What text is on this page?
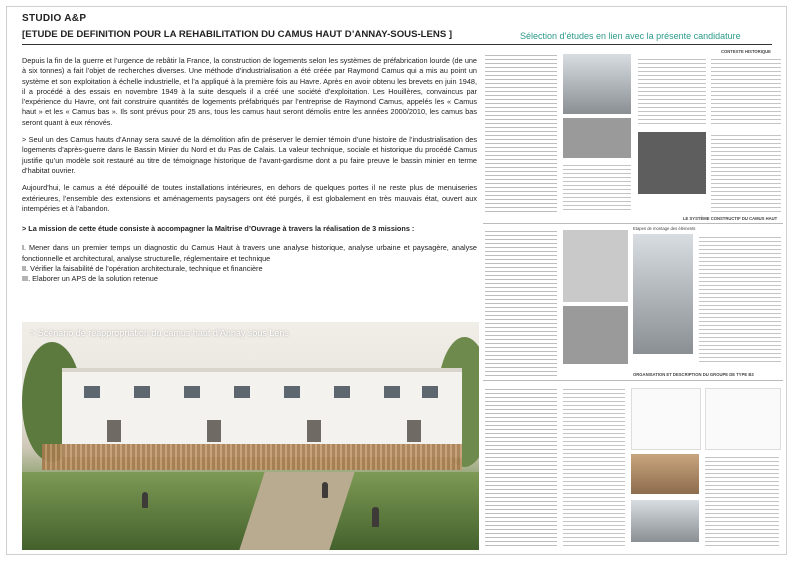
STUDIO A&P
[ETUDE DE DEFINITION POUR LA REHABILITATION DU CAMUS HAUT D’ANNAY-SOUS-LENS ]	Sélection d’études en lien avec la présente candidature

Depuis la fin de la guerre et l’urgence de rebâtir la France, la construction de logements selon les systèmes de préfabrication lourde (de une à six tonnes) a fait l’objet de recherches diverses. Une méthode d’industrialisation a été créée par Raymond Camus qui a mis au point un système et son exploitation à échelle industrielle, et l’a appliqué à la première fois au Havre. Après en avoir obtenu les brevets en juin 1948, il a procédé à des essais en novembre 1949 à la suite desquels il a créé une société d’exploitation. Les Houillères, convaincus par l’expérience du Havre, ont fait construire quantités de logements préfabriqués par l’entreprise de Raymond Camus, appelés les « Camus haut » et les « Camus bas ». Ils sont prévus pour 25 ans, tous les camus haut seront démolis entre les années 2000/2010, les camus bas seront quant à eux rénovés.

> Seul un des Camus hauts d’Annay sera sauvé de la démolition afin de préserver le dernier témoin d’une histoire de l’industrialisation des logements d’après-guerre dans le Bassin Minier du Nord et du Pas de Calais. La valeur technique, sociale et historique du procédé Camus justifie qu’un modèle soit restauré au titre de témoignage historique de l’avant-gardisme dont a pu faire preuve le bassin minier en terme d’habitat ouvrier.

Aujourd’hui, le camus a été dépouillé de toutes installations intérieures, en dehors de quelques portes il ne reste plus de menuiseries extérieures, l’ensemble des extensions et aménagements paysagers ont été purgés, il est globalement en très mauvais état, ouvert aux intempéries et à l’abandon.

> La mission de cette étude consiste à accompagner la Maîtrise d’Ouvrage à travers la réalisation de 3 missions :

I. Mener dans un premier temps un diagnostic du Camus Haut à travers une analyse historique, analyse urbaine et paysagère, analyse fonctionnelle et architectural, analyse structurelle, réglementaire et technique

II. Vérifier la faisabilité de l’opération architecturale, technique et financière

III. Elaborer un APS de la solution retenue

> Scénario de réappropriation du camus haut d’Annay sous Lens
CONTEXTE HISTORIQUE
LE SYSTÈME CONSTRUCTIF DU CAMUS HAUT
Etapes de montage des éléments
ORGANISATION ET DESCRIPTION DU GROUPE DE TYPE B3
